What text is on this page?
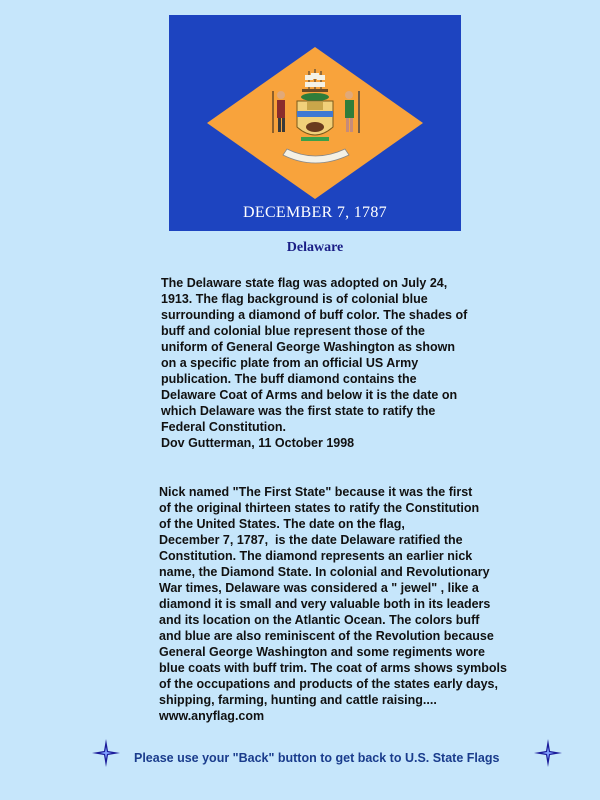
DECEMBER 7, 1787
Delaware
The Delaware state flag was adopted on July 24,
1913. The flag background is of colonial blue
surrounding a diamond of buff color. The shades of
buff and colonial blue represent those of the
uniform of General George Washington as shown
on a specific plate from an official US Army
publication. The buff diamond contains the
Delaware Coat of Arms and below it is the date on
which Delaware was the first state to ratify the
Federal Constitution.
Dov Gutterman, 11 October 1998

Nick named "The First State" because it was the first
of the original thirteen states to ratify the Constitution
of the United States. The date on the flag,
December 7, 1787,  is the date Delaware ratified the
Constitution. The diamond represents an earlier nick
name, the Diamond State. In colonial and Revolutionary
War times, Delaware was considered a " jewel" , like a
diamond it is small and very valuable both in its leaders
and its location on the Atlantic Ocean. The colors buff
and blue are also reminiscent of the Revolution because
General George Washington and some regiments wore
blue coats with buff trim. The coat of arms shows symbols
of the occupations and products of the states early days,
shipping, farming, hunting and cattle raising....
www.anyflag.com

Please use your "Back" button to get back to U.S. State Flags
